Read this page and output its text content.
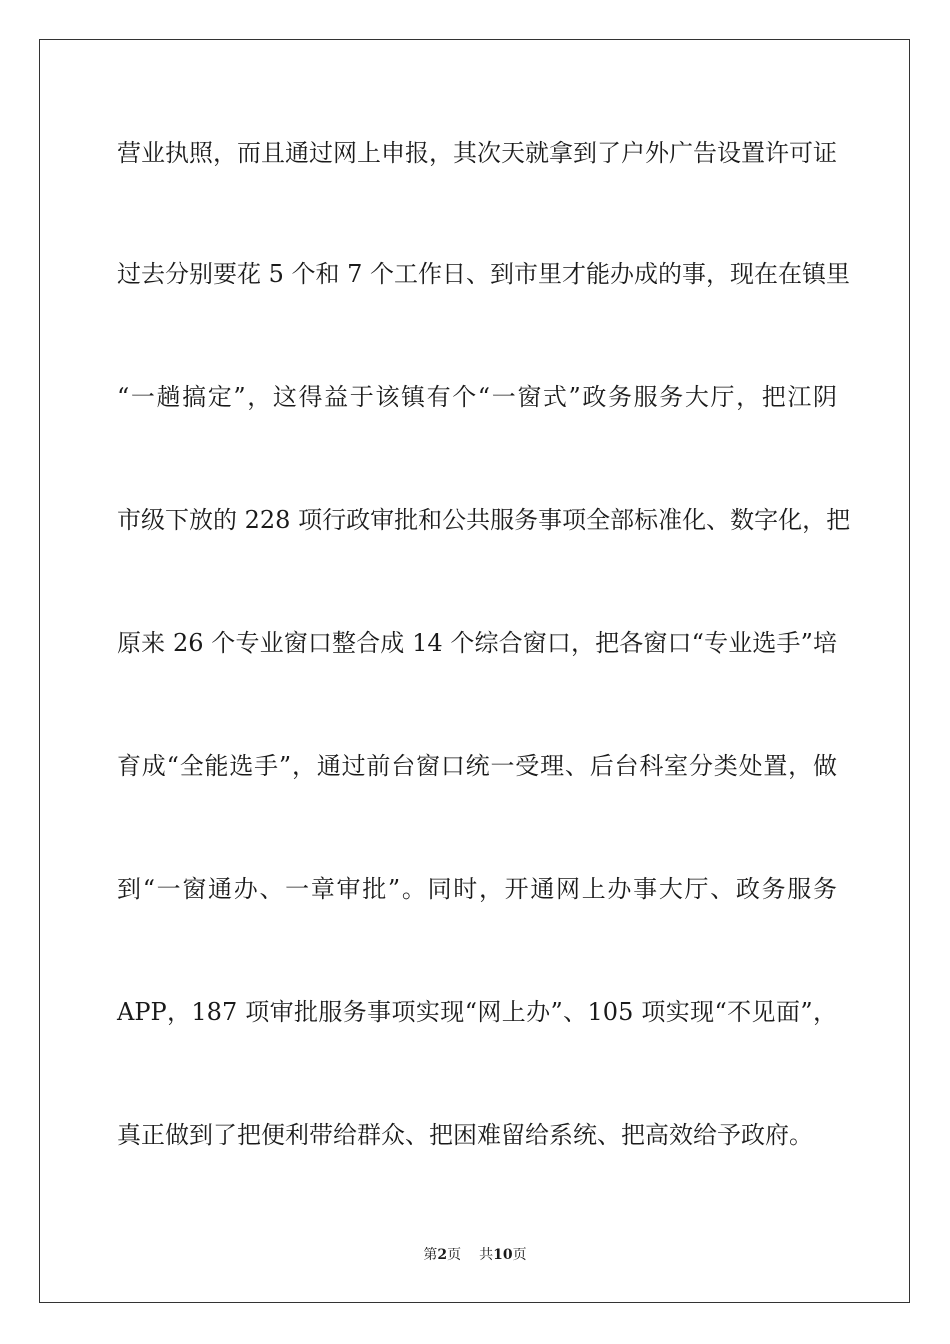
营业执照，而且通过网上申报，其次天就拿到了户外广告设置许可证
过去分别要花 5 个和 7 个工作日、到市里才能办成的事，现在在镇里
“一趟搞定”，这得益于该镇有个“一窗式”政务服务大厅，把江阴
市级下放的 228 项行政审批和公共服务事项全部标准化、数字化，把
原来 26 个专业窗口整合成 14 个综合窗口，把各窗口“专业选手”培
育成“全能选手”，通过前台窗口统一受理、后台科室分类处置，做
到“一窗通办、一章审批”。同时，开通网上办事大厅、政务服务
APP，187 项审批服务事项实现“网上办”、105 项实现“不见面”，
真正做到了把便利带给群众、把困难留给系统、把高效给予政府。
第2页 共10页
